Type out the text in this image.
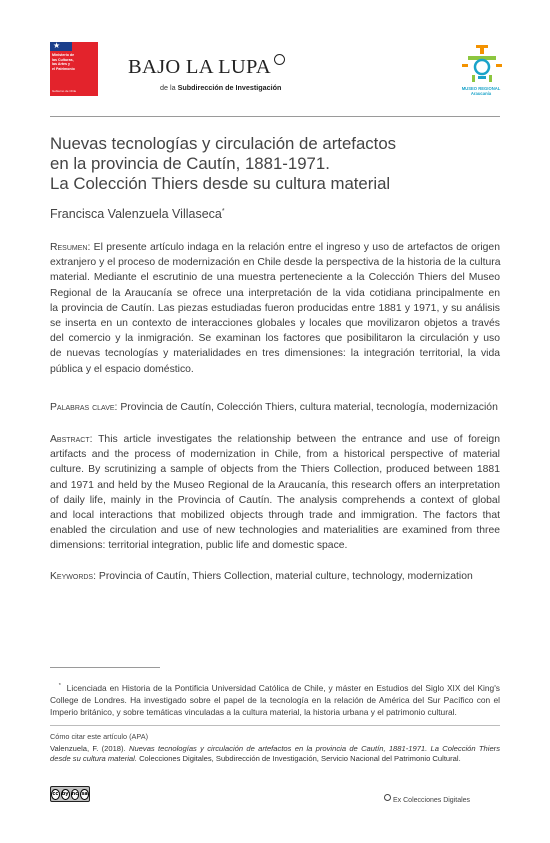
★
Ministerio de
las Culturas,
las Artes y
el Patrimonio
Gobierno de Chile
BAJO LA LUPA
de la Subdirección de Investigación	MUSEO REGIONAL
Araucanía
Nuevas tecnologías y circulación de artefactos
en la provincia de Cautín, 1881-1971.
La Colección Thiers desde su cultura material
Francisca Valenzuela Villaseca*
Resumen: El presente artículo indaga en la relación entre el ingreso y uso de artefactos de origen
extranjero y el proceso de modernización en Chile desde la perspectiva de la historia de la cultura
material. Mediante el escrutinio de una muestra perteneciente a la Colección Thiers del Museo
Regional de la Araucanía se ofrece una interpretación de la vida cotidiana principalmente en
la provincia de Cautín. Las piezas estudiadas fueron producidas entre 1881 y 1971, y su análisis
se inserta en un contexto de interacciones globales y locales que movilizaron objetos a través
del comercio y la inmigración. Se examinan los factores que posibilitaron la circulación y uso
de nuevas tecnologías y materialidades en tres dimensiones: la integración territorial, la vida
pública y el espacio doméstico.
Palabras clave: Provincia de Cautín, Colección Thiers, cultura material, tecnología, modernización
Abstract: This article investigates the relationship between the entrance and use of foreign
artifacts and the process of modernization in Chile, from a historical perspective of material
culture. By scrutinizing a sample of objects from the Thiers Collection, produced between 1881
and 1971 and held by the Museo Regional de la Araucanía, this research offers an interpretation
of daily life, mainly in the Provincia of Cautín. The analysis comprehends a context of global
and local interactions that mobilized objects through trade and immigration. The factors that
enabled the circulation and use of new technologies and materialities are examined from three
dimensions: territorial integration, public life and domestic space.
Keywords: Provincia of Cautín, Thiers Collection, material culture, technology, modernization
* Licenciada en Historia de la Pontificia Universidad Católica de Chile, y máster en Estudios del Siglo XIX del King's
College de Londres. Ha investigado sobre el papel de la tecnología en la relación de América del Sur Pacífico con el
Imperio británico, y sobre temáticas vinculadas a la cultura material, la historia urbana y el patrimonio cultural.
Cómo citar este artículo (APA)
Valenzuela, F. (2018). Nuevas tecnologías y circulación de artefactos en la provincia de Cautín, 1881-1971. La Colección Thiers
desde su cultura material. Colecciones Digitales, Subdirección de Investigación, Servicio Nacional del Patrimonio Cultural.
cc by nc sa
Ex Colecciones Digitales
